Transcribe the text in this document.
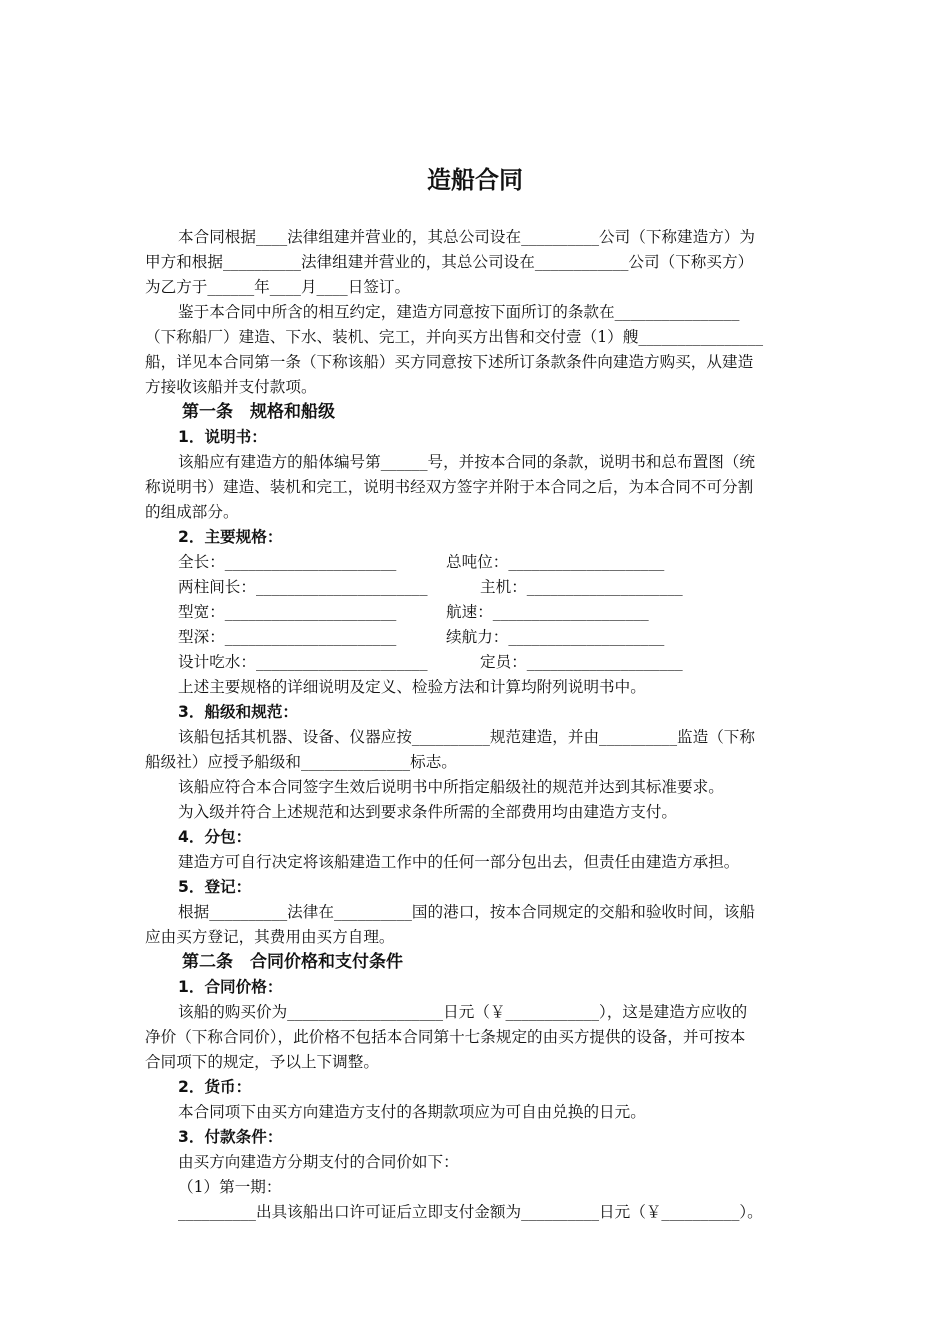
造船合同
本合同根据____法律组建并营业的，其总公司设在__________公司（下称建造方）为
甲方和根据__________法律组建并营业的，其总公司设在____________公司（下称买方）
为乙方于______年____月____日签订。
鉴于本合同中所含的相互约定，建造方同意按下面所订的条款在________________
（下称船厂）建造、下水、装机、完工，并向买方出售和交付壹（1）艘________________
船，详见本合同第一条（下称该船）买方同意按下述所订条款条件向建造方购买，从建造
方接收该船并支付款项。
第一条　规格和船级
1．说明书：
该船应有建造方的船体编号第______号，并按本合同的条款，说明书和总布置图（统
称说明书）建造、装机和完工，说明书经双方签字并附于本合同之后，为本合同不可分割
的组成部分。
2．主要规格：
全长：______________________	总吨位：____________________
两柱间长：______________________	主机：____________________
型宽：______________________	航速：____________________
型深：______________________	续航力：____________________
设计吃水：______________________	定员：____________________
上述主要规格的详细说明及定义、检验方法和计算均附列说明书中。
3．船级和规范：
该船包括其机器、设备、仪器应按__________规范建造，并由__________监造（下称
船级社）应授予船级和______________标志。
该船应符合本合同签字生效后说明书中所指定船级社的规范并达到其标准要求。
为入级并符合上述规范和达到要求条件所需的全部费用均由建造方支付。
4．分包：
建造方可自行决定将该船建造工作中的任何一部分包出去，但责任由建造方承担。
5．登记：
根据__________法律在__________国的港口，按本合同规定的交船和验收时间，该船
应由买方登记，其费用由买方自理。
第二条　合同价格和支付条件
1．合同价格：
该船的购买价为____________________日元（￥____________），这是建造方应收的
净价（下称合同价），此价格不包括本合同第十七条规定的由买方提供的设备，并可按本
合同项下的规定，予以上下调整。
2．货币：
本合同项下由买方向建造方支付的各期款项应为可自由兑换的日元。
3．付款条件：
由买方向建造方分期支付的合同价如下：
（1）第一期：
__________出具该船出口许可证后立即支付金额为__________日元（￥__________）。
